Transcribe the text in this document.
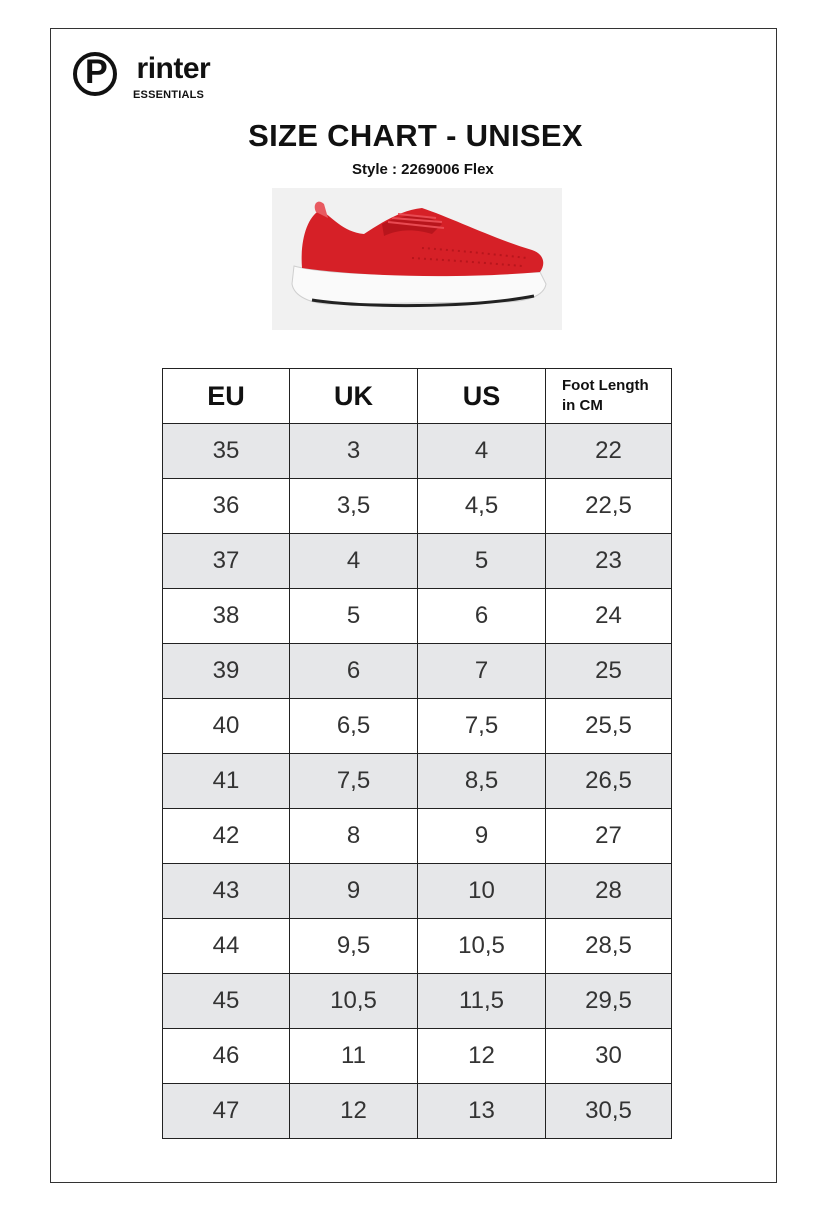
P
rinter
ESSENTIALS
SIZE CHART - UNISEX
Style : 2269006 Flex
EU	UK	US	Foot Length
in CM
35	3	4	22
36	3,5	4,5	22,5
37	4	5	23
38	5	6	24
39	6	7	25
40	6,5	7,5	25,5
41	7,5	8,5	26,5
42	8	9	27
43	9	10	28
44	9,5	10,5	28,5
45	10,5	11,5	29,5
46	11	12	30
47	12	13	30,5
